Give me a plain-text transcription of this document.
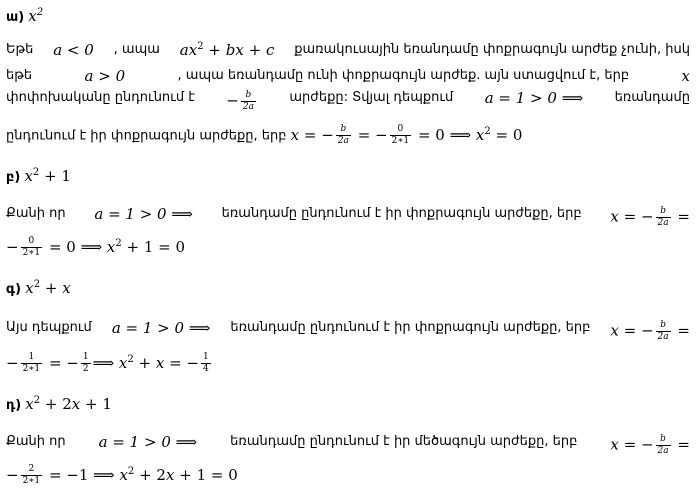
ա) $x^2$
Եթե a < 0 , ապա $ax^2$ + bx + c քառակուսային եռանդամը փոքրագույն արժեք չունի, իսկ
եթե	a > 0	, ապա եռանդամը ունի փոքրագույն արժեք. այն ստացվում է, երբ	x
փոփոխականը ընդունում է − $\frac{b}{2a}$	արժեքը: Տվյալ դեպքում a = 1 > 0 ⟹ եռանդամը
ընդունում է իր փոքրագույն արժեքը, երբ x = − $\frac{b}{2a}$ = − $\frac{0}{2∗1} = 0$ ⟹ $x^2 = 0$
բ) $x^2 + 1$
Քանի որ a = 1 > 0 ⟹ եռանդամը ընդունում է իր փոքրագույն արժեքը, երբ x = − $\frac{b}{2a}$ =
− $\frac{0}{2∗1} = 0$ ⟹ $x^2 + 1 = 0$
գ) $x^2 + x$
Այս դեպքում a = 1 > 0 ⟹ եռանդամը ընդունում է իր փոքրագույն արժեքը, երբ x = − $\frac{b}{2a}$ =
− $\frac{1}{2∗1}$ = − $\frac{1}{2}$ ⟹ $x^2 + x$ = − $\frac{1}{4}$
դ) $x^2 + 2x + 1$
Քանի որ a = 1 > 0 ⟹	եռանդամը ընդունում է իր մեծագույն արժեքը, երբ x = − $\frac{b}{2a}$ =
− $\frac{2}{2∗1} = -1$ ⟹ $x^2 + 2x + 1 = 0$
